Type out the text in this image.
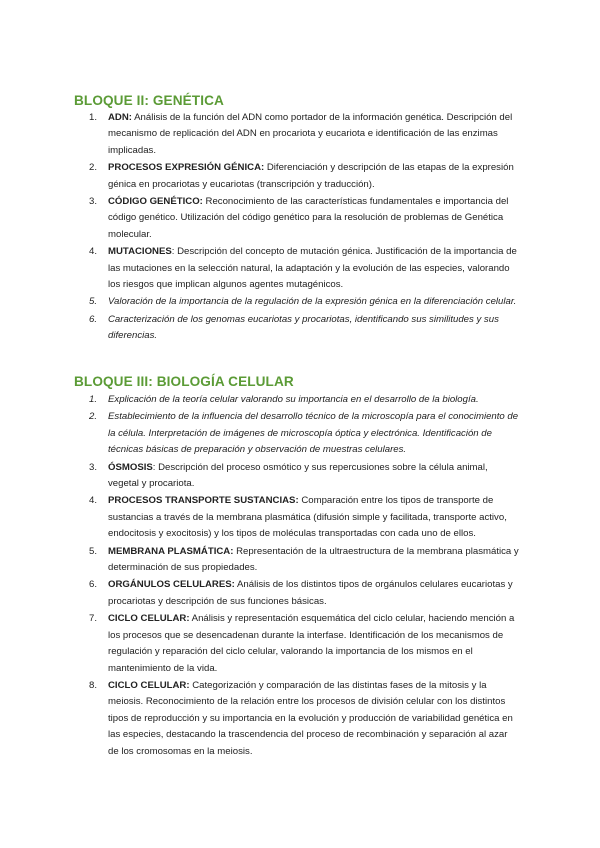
BLOQUE II: GENÉTICA
1. ADN: Análisis de la función del ADN como portador de la información genética. Descripción del mecanismo de replicación del ADN en procariota y eucariota e identificación de las enzimas implicadas.
2. PROCESOS EXPRESIÓN GÉNICA: Diferenciación y descripción de las etapas de la expresión génica en procariotas y eucariotas (transcripción y traducción).
3. CÓDIGO GENÉTICO: Reconocimiento de las características fundamentales e importancia del código genético. Utilización del código genético para la resolución de problemas de Genética molecular.
4. MUTACIONES: Descripción del concepto de mutación génica. Justificación de la importancia de las mutaciones en la selección natural, la adaptación y la evolución de las especies, valorando los riesgos que implican algunos agentes mutagénicos.
5. Valoración de la importancia de la regulación de la expresión génica en la diferenciación celular.
6. Caracterización de los genomas eucariotas y procariotas, identificando sus similitudes y sus diferencias.
BLOQUE III: BIOLOGÍA CELULAR
1. Explicación de la teoría celular valorando su importancia en el desarrollo de la biología.
2. Establecimiento de la influencia del desarrollo técnico de la microscopía para el conocimiento de la célula. Interpretación de imágenes de microscopía óptica y electrónica. Identificación de técnicas básicas de preparación y observación de muestras celulares.
3. ÓSMOSIS: Descripción del proceso osmótico y sus repercusiones sobre la célula animal, vegetal y procariota.
4. PROCESOS TRANSPORTE SUSTANCIAS: Comparación entre los tipos de transporte de sustancias a través de la membrana plasmática (difusión simple y facilitada, transporte activo, endocitosis y exocitosis) y los tipos de moléculas transportadas con cada uno de ellos.
5. MEMBRANA PLASMÁTICA: Representación de la ultraestructura de la membrana plasmática y determinación de sus propiedades.
6. ORGÁNULOS CELULARES: Análisis de los distintos tipos de orgánulos celulares eucariotas y procariotas y descripción de sus funciones básicas.
7. CICLO CELULAR: Análisis y representación esquemática del ciclo celular, haciendo mención a los procesos que se desencadenan durante la interfase. Identificación de los mecanismos de regulación y reparación del ciclo celular, valorando la importancia de los mismos en el mantenimiento de la vida.
8. CICLO CELULAR: Categorización y comparación de las distintas fases de la mitosis y la meiosis. Reconocimiento de la relación entre los procesos de división celular con los distintos tipos de reproducción y su importancia en la evolución y producción de variabilidad genética en las especies, destacando la trascendencia del proceso de recombinación y separación al azar de los cromosomas en la meiosis.
